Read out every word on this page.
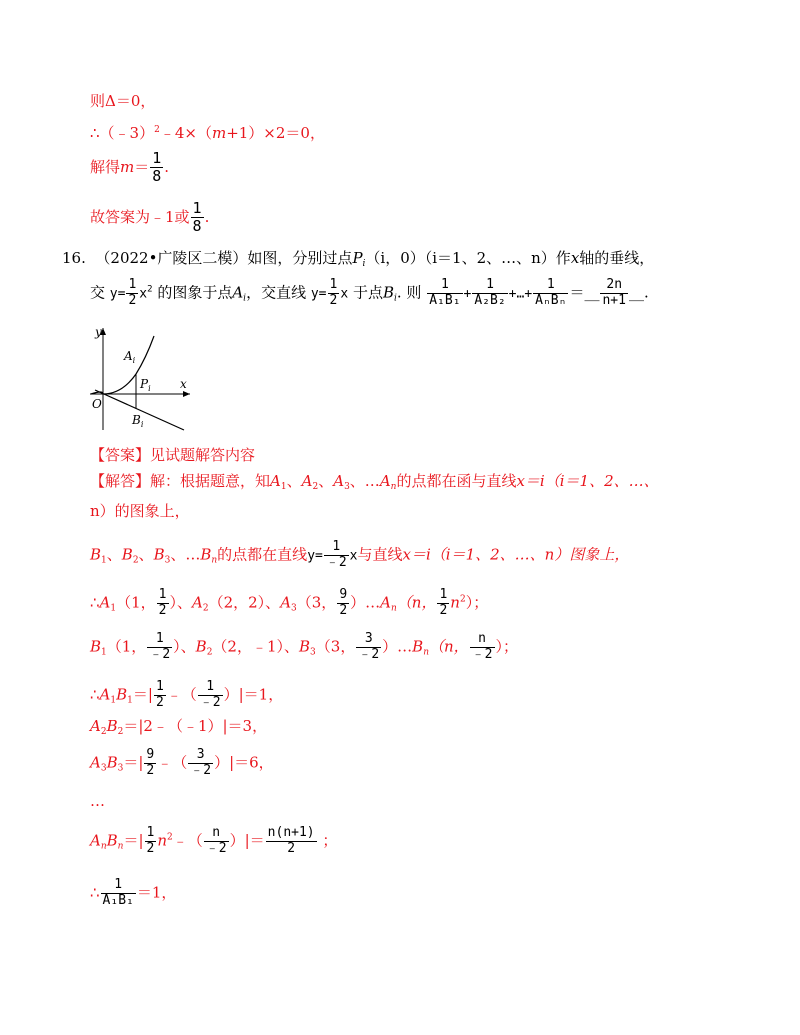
则Δ＝0，
∴（﹣3）$^2$﹣4×（m+1）×2＝0，
解得$m= \frac{1}{8}$ .
故答案为﹣1或 $\frac{1}{8}$ .
16. （2022•广陵区二模）如图，分别过点$P_i(i$，0）（i＝1、2、…、n）作x轴的垂线，
交 $y= \frac{1}{2} x^2$ 的图象于点$A_i$，交直线 $y= \frac{1}{2}$ x 于点$B_i$. 则 $\frac{1}{\text{A₁B₁}} + \frac{1}{\text{A₂B₂}}$ +…+ $\frac{1}{\text{AₙBₙ}}$ ＝__ $\frac{2n}{n+1}$ __.
y
x
O
$A_i$
$P_i$
$B_i$
【答案】见试题解答内容
【解答】解：根据题意，知$A_1$、$A_2$、$A_3$、$\dots A_n$的点都在函与直线x＝i（i＝1、2、…、
n）的图象上，
$B_1$、$B_2$、$B_3$、$\dots B_n$的点都在直线$y= \frac{1}{﹣2}$ x与直线x＝i（i＝1、2、…、n）图象上，
$\therefore A_1(1$， $\frac{1}{2}$ ）、$A_2(2$，2）、$A_3(3$， $\frac{9}{2}$ ）$\dots A_n(n$， $\frac{1}{2} n^2$）；
$B_1(1$， $\frac{1}{﹣2}$ ）、$B_2(2$，﹣1）、$B_3(3$， $\frac{3}{﹣2}$ ）$\dots B_n(n$， $\frac{n}{﹣2}$ ）；
$\therefore A_1B_1=| \frac{1}{2}$ ﹣（ $\frac{1}{﹣2} )|=1$，
$A_2B_2=|2﹣(﹣1)|=3$，
$A_3B_3=| \frac{9}{2}$ ﹣（ $\frac{3}{﹣2} )|=6$，
…
$A_nB_n=| \frac{1}{2}$ $n^2﹣( \frac{n}{﹣2}$ ）|＝ $\frac{n(n+1)}{2}$ ；
∴ $\frac{1}{\text{A₁B₁}} =1$，
